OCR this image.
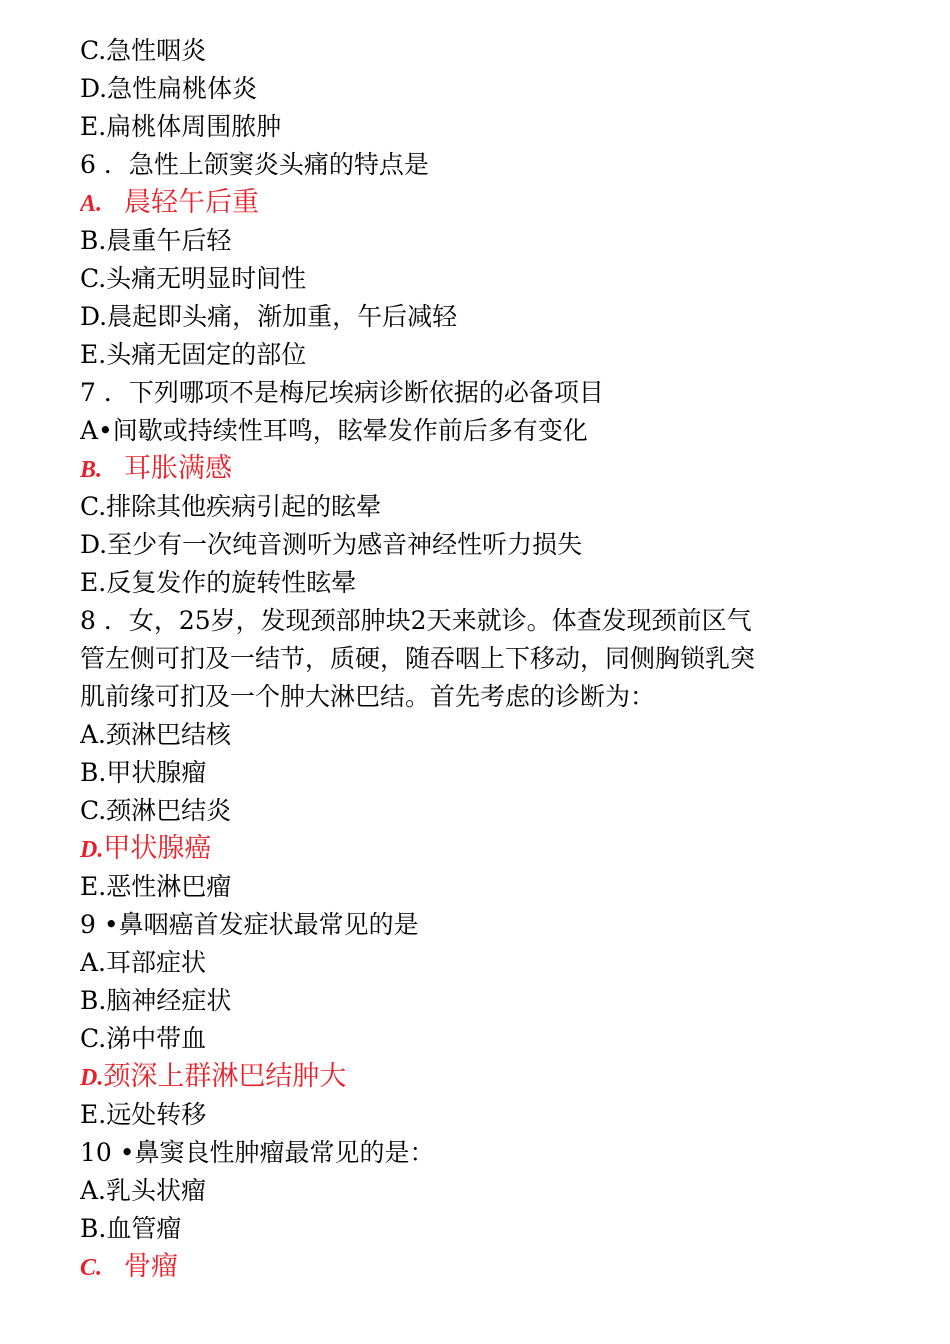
C.急性咽炎
D.急性扁桃体炎
E.扁桃体周围脓肿
6 ．急性上颌窦炎头痛的特点是
A. 晨轻午后重
B.晨重午后轻
C.头痛无明显时间性
D.晨起即头痛，渐加重，午后减轻
E.头痛无固定的部位
7 ．下列哪项不是梅尼埃病诊断依据的必备项目
A•间歇或持续性耳鸣，眩晕发作前后多有变化
B. 耳胀满感
C.排除其他疾病引起的眩晕
D.至少有一次纯音测听为感音神经性听力损失
E.反复发作的旋转性眩晕
8 ．女，25岁，发现颈部肿块2天来就诊。体查发现颈前区气
管左侧可扪及一结节，质硬，随吞咽上下移动，同侧胸锁乳突
肌前缘可扪及一个肿大淋巴结。首先考虑的诊断为：
A.颈淋巴结核
B.甲状腺瘤
C.颈淋巴结炎
D.甲状腺癌
E.恶性淋巴瘤
9 •鼻咽癌首发症状最常见的是
A.耳部症状
B.脑神经症状
C.涕中带血
D.颈深上群淋巴结肿大
E.远处转移
10 •鼻窦良性肿瘤最常见的是：
A.乳头状瘤
B.血管瘤
C. 骨瘤
